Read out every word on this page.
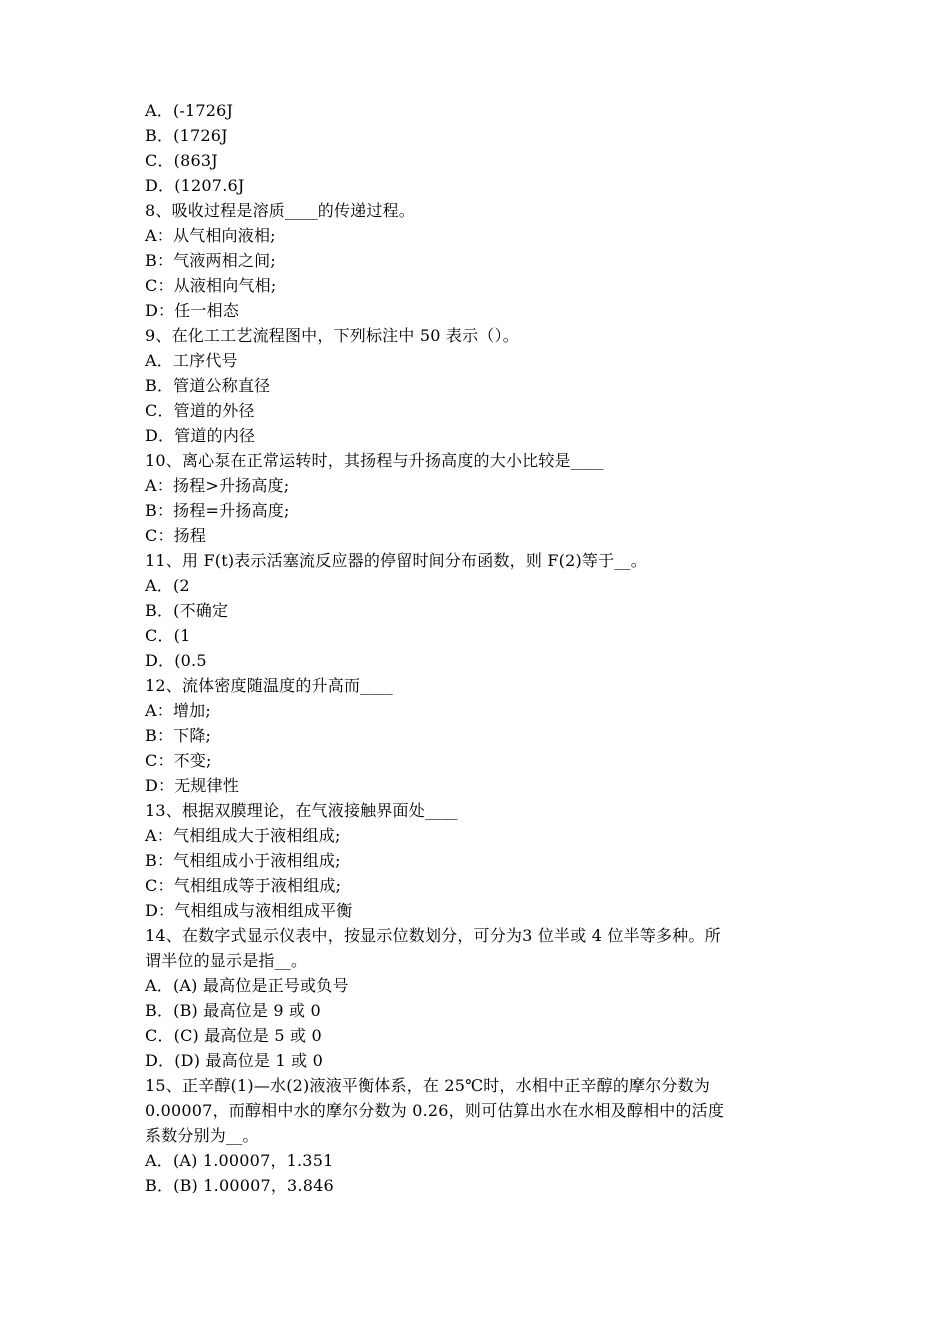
A．(-1726J
B．(1726J
C．(863J
D．(1207.6J
8、吸收过程是溶质____的传递过程。
A：从气相向液相;
B：气液两相之间;
C：从液相向气相;
D：任一相态
9、在化工工艺流程图中，下列标注中 50 表示（）。
A．工序代号
B．管道公称直径
C．管道的外径
D．管道的内径
10、离心泵在正常运转时，其扬程与升扬高度的大小比较是____
A：扬程>升扬高度;
B：扬程=升扬高度;
C：扬程
11、用 F(t)表示活塞流反应器的停留时间分布函数，则 F(2)等于__。
A．(2
B．(不确定
C．(1
D．(0.5
12、流体密度随温度的升高而____
A：增加;
B：下降;
C：不变;
D：无规律性
13、根据双膜理论，在气液接触界面处____
A：气相组成大于液相组成;
B：气相组成小于液相组成;
C：气相组成等于液相组成;
D：气相组成与液相组成平衡
14、在数字式显示仪表中，按显示位数划分，可分为3 位半或 4 位半等多种。所
谓半位的显示是指__。
A．(A) 最高位是正号或负号
B．(B) 最高位是 9 或 0
C．(C) 最高位是 5 或 0
D．(D) 最高位是 1 或 0
15、正辛醇(1)—水(2)液液平衡体系，在 25℃时，水相中正辛醇的摩尔分数为
0.00007，而醇相中水的摩尔分数为 0.26，则可估算出水在水相及醇相中的活度
系数分别为__。
A．(A) 1.00007，1.351
B．(B) 1.00007，3.846
